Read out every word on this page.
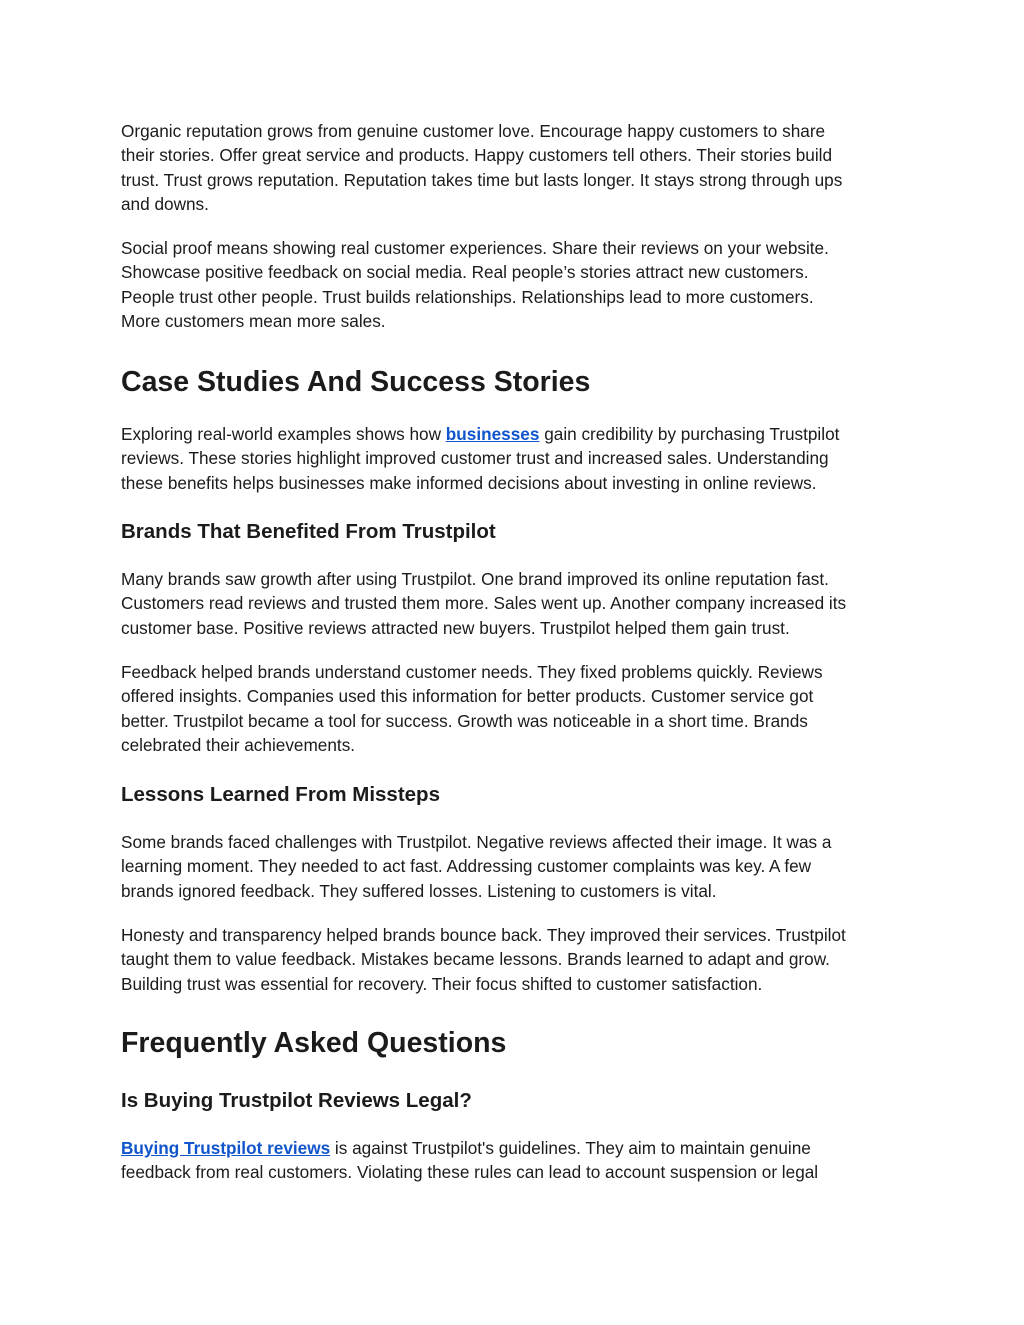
Organic reputation grows from genuine customer love. Encourage happy customers to share
their stories. Offer great service and products. Happy customers tell others. Their stories build
trust. Trust grows reputation. Reputation takes time but lasts longer. It stays strong through ups
and downs.

Social proof means showing real customer experiences. Share their reviews on your website.
Showcase positive feedback on social media. Real people’s stories attract new customers.
People trust other people. Trust builds relationships. Relationships lead to more customers.
More customers mean more sales.

Case Studies And Success Stories

Exploring real-world examples shows how businesses gain credibility by purchasing Trustpilot
reviews. These stories highlight improved customer trust and increased sales. Understanding
these benefits helps businesses make informed decisions about investing in online reviews.

Brands That Benefited From Trustpilot

Many brands saw growth after using Trustpilot. One brand improved its online reputation fast.
Customers read reviews and trusted them more. Sales went up. Another company increased its
customer base. Positive reviews attracted new buyers. Trustpilot helped them gain trust.

Feedback helped brands understand customer needs. They fixed problems quickly. Reviews
offered insights. Companies used this information for better products. Customer service got
better. Trustpilot became a tool for success. Growth was noticeable in a short time. Brands
celebrated their achievements.

Lessons Learned From Missteps

Some brands faced challenges with Trustpilot. Negative reviews affected their image. It was a
learning moment. They needed to act fast. Addressing customer complaints was key. A few
brands ignored feedback. They suffered losses. Listening to customers is vital.

Honesty and transparency helped brands bounce back. They improved their services. Trustpilot
taught them to value feedback. Mistakes became lessons. Brands learned to adapt and grow.
Building trust was essential for recovery. Their focus shifted to customer satisfaction.

Frequently Asked Questions
Is Buying Trustpilot Reviews Legal?

Buying Trustpilot reviews is against Trustpilot's guidelines. They aim to maintain genuine
feedback from real customers. Violating these rules can lead to account suspension or legal
